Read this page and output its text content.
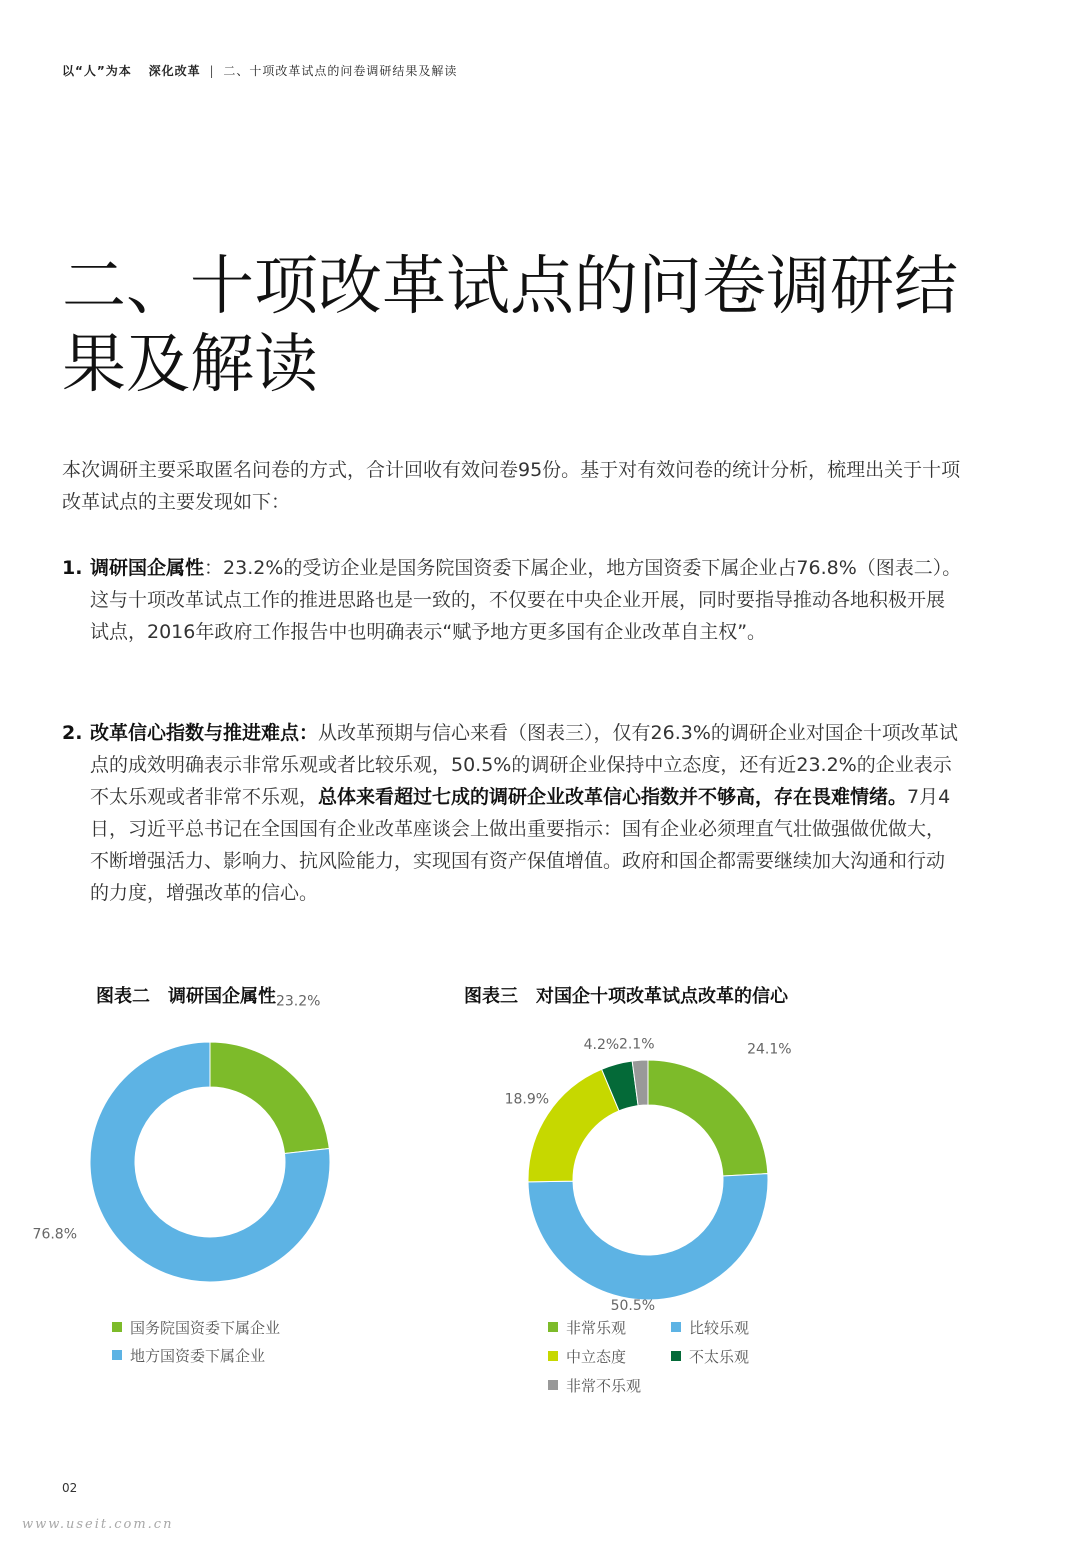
以“人”为本 深化改革 | 二、十项改革试点的问卷调研结果及解读
二、十项改革试点的问卷调研结果及解读

本次调研主要采取匿名问卷的方式，合计回收有效问卷95份。基于对有效问卷的统计分析，梳理出关于十项改革试点的主要发现如下：

1. 调研国企属性：23.2%的受访企业是国务院国资委下属企业，地方国资委下属企业占76.8%（图表二）。这与十项改革试点工作的推进思路也是一致的，不仅要在中央企业开展，同时要指导推动各地积极开展试点，2016年政府工作报告中也明确表示“赋予地方更多国有企业改革自主权”。
2. 改革信心指数与推进难点：从改革预期与信心来看（图表三），仅有26.3%的调研企业对国企十项改革试点的成效明确表示非常乐观或者比较乐观，50.5%的调研企业保持中立态度，还有近23.2%的企业表示不太乐观或者非常不乐观，总体来看超过七成的调研企业改革信心指数并不够高，存在畏难情绪。7月4日，习近平总书记在全国国有企业改革座谈会上做出重要指示：国有企业必须理直气壮做强做优做大，不断增强活力、影响力、抗风险能力，实现国有资产保值增值。政府和国企都需要继续加大沟通和行动的力度，增强改革的信心。
图表二　调研国企属性 23.2%
76.8%
国务院国资委下属企业
地方国资委下属企业
图表三　对国企十项改革试点改革的信心
24.1%
50.5%
18.9%
4.2% 2.1%
非常乐观	比较乐观
中立态度	不太乐观
非常不乐观
02
www.useit.com.cn
